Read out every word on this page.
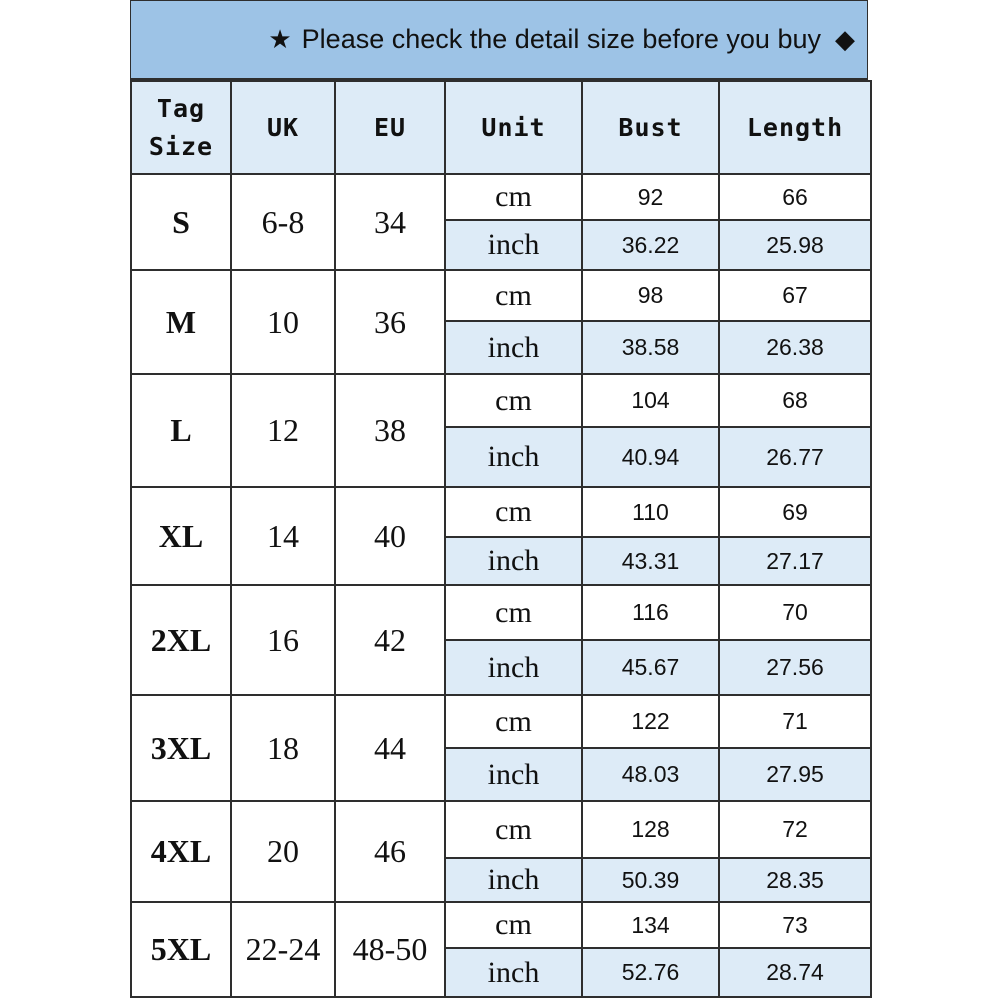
★ Please check the detail size before you buy ◆
Tag
Size	UK	EU	Unit	Bust	Length
S	6-8	34	cm	92	66
			inch	36.22	25.98
M	10	36	cm	98	67
			inch	38.58	26.38
L	12	38	cm	104	68
			inch	40.94	26.77
XL	14	40	cm	110	69
			inch	43.31	27.17
2XL	16	42	cm	116	70
			inch	45.67	27.56
3XL	18	44	cm	122	71
			inch	48.03	27.95
4XL	20	46	cm	128	72
			inch	50.39	28.35
5XL	22-24	48-50	cm	134	73
			inch	52.76	28.74
